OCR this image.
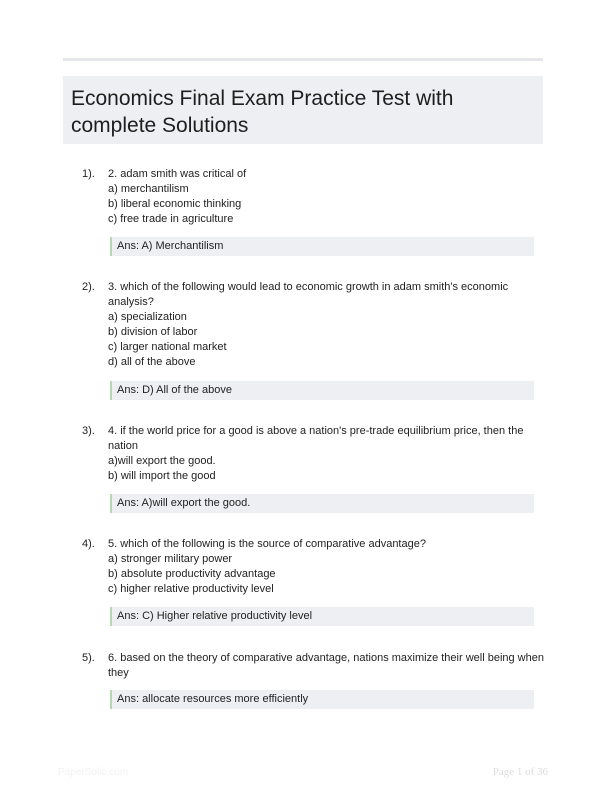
Economics Final Exam Practice Test with
complete Solutions
1). 2. adam smith was critical of
a) merchantilism
b) liberal economic thinking
c) free trade in agriculture
Ans: A) Merchantilism
2). 3. which of the following would lead to economic growth in adam smith's economic
analysis?
a) specialization
b) division of labor
c) larger national market
d) all of the above
Ans: D) All of the above
3). 4. if the world price for a good is above a nation's pre-trade equilibrium price, then the
nation
a)will export the good.
b) will import the good
Ans: A)will export the good.
4). 5. which of the following is the source of comparative advantage?
a) stronger military power
b) absolute productivity advantage
c) higher relative productivity level
Ans: C) Higher relative productivity level
5). 6. based on the theory of comparative advantage, nations maximize their well being when
they
Ans: allocate resources more efficiently
PaperSolic.com	Page 1 of 36
